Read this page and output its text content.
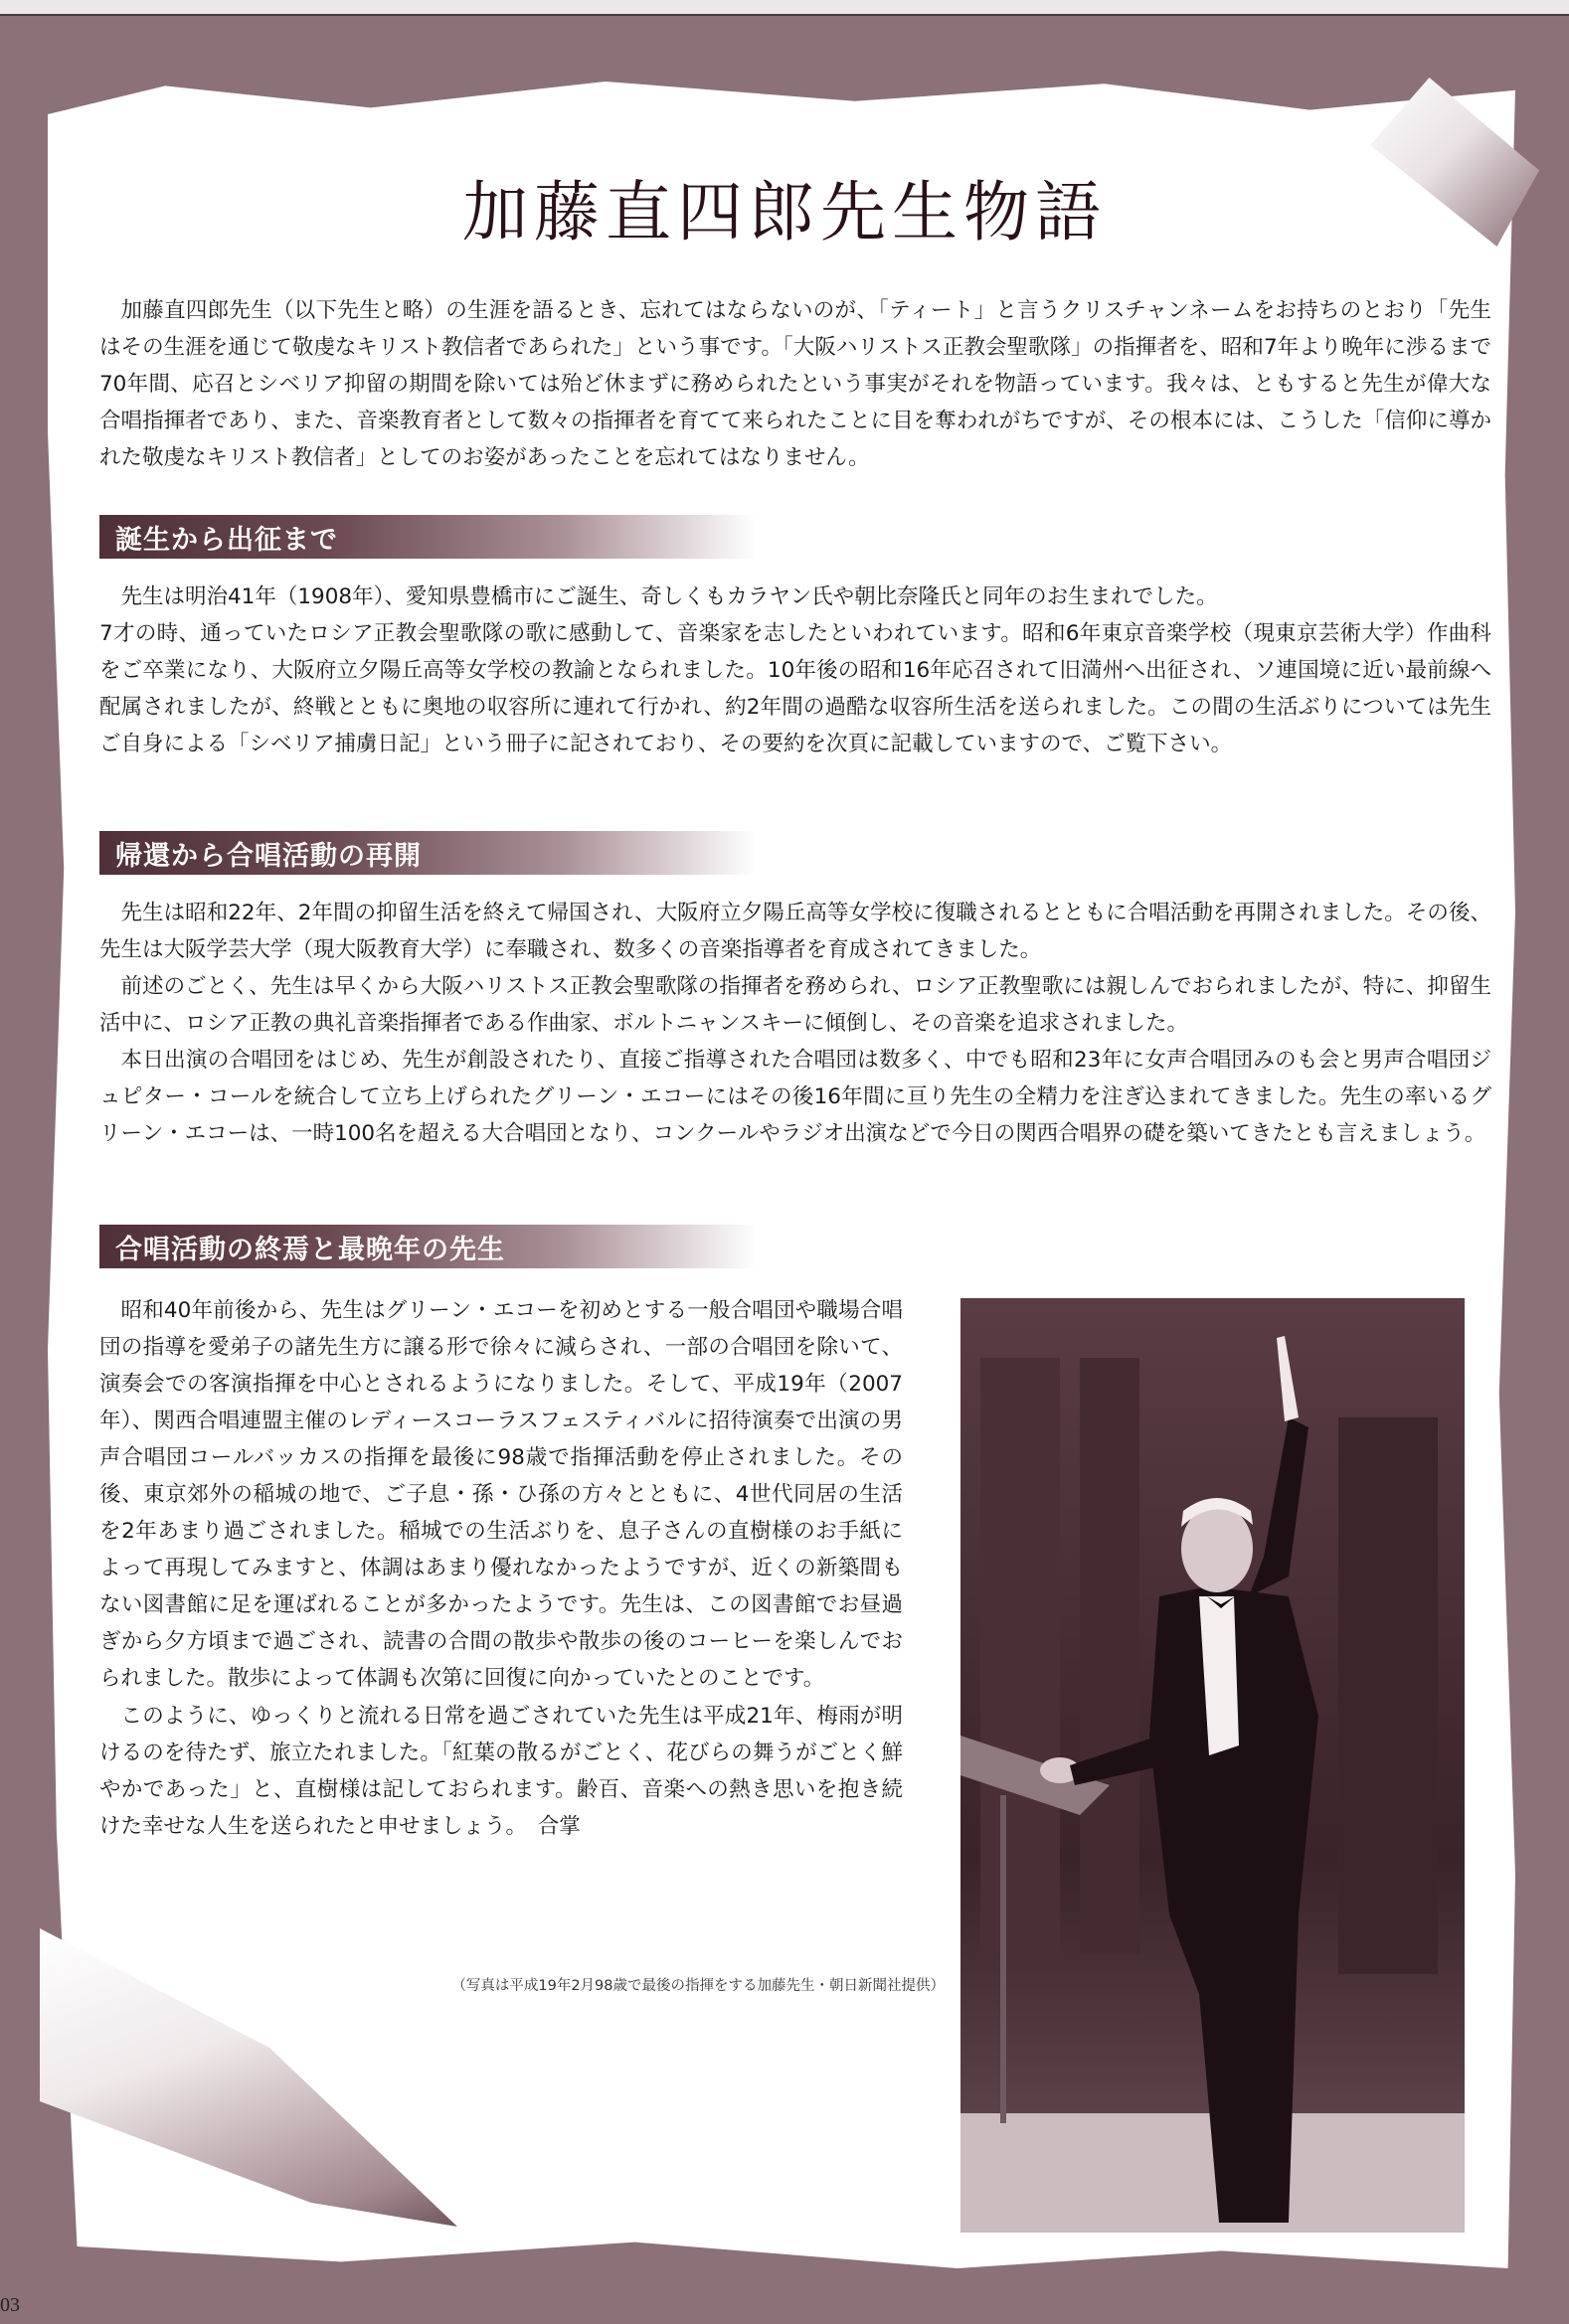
加藤直四郎先生物語

加藤直四郎先生（以下先生と略）の生涯を語るとき、忘れてはならないのが、「ティート」と言うクリスチャンネームをお持ちのとおり「先生はその生涯を通じて敬虔なキリスト教信者であられた」という事です。「大阪ハリストス正教会聖歌隊」の指揮者を、昭和7年より晩年に渉るまで70年間、応召とシベリア抑留の期間を除いては殆ど休まずに務められたという事実がそれを物語っています。我々は、ともすると先生が偉大な合唱指揮者であり、また、音楽教育者として数々の指揮者を育てて来られたことに目を奪われがちですが、その根本には、こうした「信仰に導かれた敬虔なキリスト教信者」としてのお姿があったことを忘れてはなりません。

誕生から出征まで

先生は明治41年（1908年）、愛知県豊橋市にご誕生、奇しくもカラヤン氏や朝比奈隆氏と同年のお生まれでした。

7才の時、通っていたロシア正教会聖歌隊の歌に感動して、音楽家を志したといわれています。昭和6年東京音楽学校（現東京芸術大学）作曲科をご卒業になり、大阪府立夕陽丘高等女学校の教諭となられました。10年後の昭和16年応召されて旧満州へ出征され、ソ連国境に近い最前線へ配属されましたが、終戦とともに奥地の収容所に連れて行かれ、約2年間の過酷な収容所生活を送られました。この間の生活ぶりについては先生ご自身による「シベリア捕虜日記」という冊子に記されており、その要約を次頁に記載していますので、ご覧下さい。

帰還から合唱活動の再開

先生は昭和22年、2年間の抑留生活を終えて帰国され、大阪府立夕陽丘高等女学校に復職されるとともに合唱活動を再開されました。その後、先生は大阪学芸大学（現大阪教育大学）に奉職され、数多くの音楽指導者を育成されてきました。

前述のごとく、先生は早くから大阪ハリストス正教会聖歌隊の指揮者を務められ、ロシア正教聖歌には親しんでおられましたが、特に、抑留生活中に、ロシア正教の典礼音楽指揮者である作曲家、ボルトニャンスキーに傾倒し、その音楽を追求されました。

本日出演の合唱団をはじめ、先生が創設されたり、直接ご指導された合唱団は数多く、中でも昭和23年に女声合唱団みのも会と男声合唱団ジュピター・コールを統合して立ち上げられたグリーン・エコーにはその後16年間に亘り先生の全精力を注ぎ込まれてきました。先生の率いるグリーン・エコーは、一時100名を超える大合唱団となり、コンクールやラジオ出演などで今日の関西合唱界の礎を築いてきたとも言えましょう。

合唱活動の終焉と最晩年の先生

昭和40年前後から、先生はグリーン・エコーを初めとする一般合唱団や職場合唱団の指導を愛弟子の諸先生方に譲る形で徐々に減らされ、一部の合唱団を除いて、演奏会での客演指揮を中心とされるようになりました。そして、平成19年（2007年）、関西合唱連盟主催のレディースコーラスフェスティバルに招待演奏で出演の男声合唱団コールバッカスの指揮を最後に98歳で指揮活動を停止されました。その後、東京郊外の稲城の地で、ご子息・孫・ひ孫の方々とともに、4世代同居の生活を2年あまり過ごされました。稲城での生活ぶりを、息子さんの直樹様のお手紙によって再現してみますと、体調はあまり優れなかったようですが、近くの新築間もない図書館に足を運ばれることが多かったようです。先生は、この図書館でお昼過ぎから夕方頃まで過ごされ、読書の合間の散歩や散歩の後のコーヒーを楽しんでおられました。散歩によって体調も次第に回復に向かっていたとのことです。

このように、ゆっくりと流れる日常を過ごされていた先生は平成21年、梅雨が明けるのを待たず、旅立たれました。「紅葉の散るがごとく、花びらの舞うがごとく鮮やかであった」と、直樹様は記しておられます。齢百、音楽への熱き思いを抱き続けた幸せな人生を送られたと申せましょう。　合掌

（写真は平成19年2月98歳で最後の指揮をする加藤先生・朝日新聞社提供）

03
